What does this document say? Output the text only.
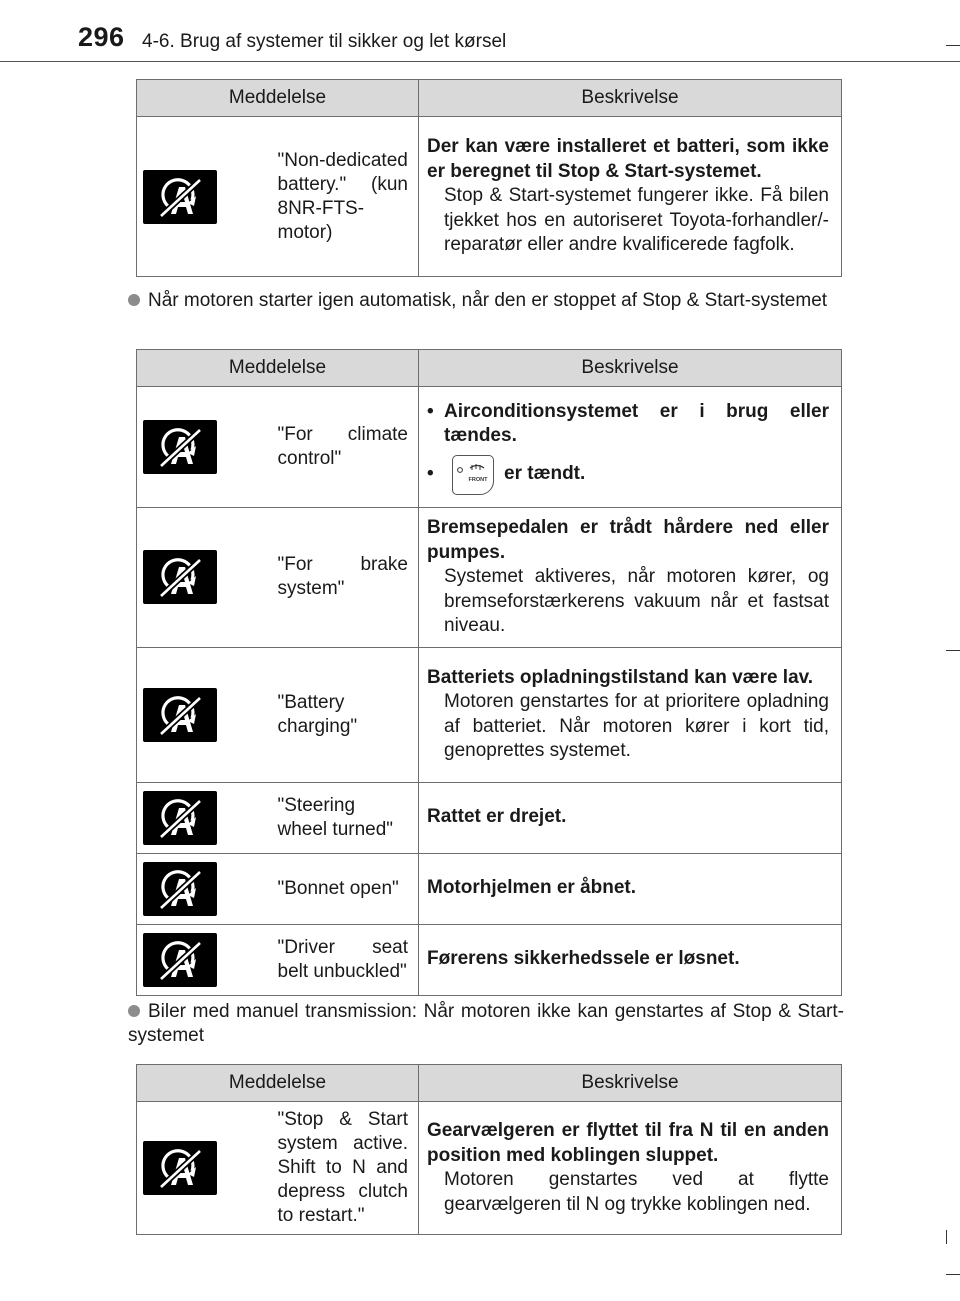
296 4-6. Brug af systemer til sikker og let kørsel
Meddelelse		Beskrivelse

	"Non-dedicated battery." (kun 8NR-FTS-motor)	Der kan være installeret et batteri, som ikke er beregnet til Stop & Start-systemet.
Stop & Start-systemet fungerer ikke. Få bilen tjekket hos en autoriseret Toyota-forhandler/-reparatør eller andre kvalificerede fagfolk.
Når motoren starter igen automatisk, når den er stoppet af Stop & Start-systemet
Meddelelse		Beskrivelse

	"For climate control"	• Airconditionsystemet er i brug eller tændes.
• FRONT er tændt.

	"For brake system"	Bremsepedalen er trådt hårdere ned eller pumpes.
Systemet aktiveres, når motoren kører, og bremseforstærkerens vakuum når et fastsat niveau.

	"Battery charging"	Batteriets opladningstilstand kan være lav.
Motoren genstartes for at prioritere opladning af batteriet. Når motoren kører i kort tid, genoprettes systemet.

	"Steering wheel turned"	Rattet er drejet.

	"Bonnet open"	Motorhjelmen er åbnet.

	"Driver seat belt unbuckled"	Førerens sikkerhedssele er løsnet.
Biler med manuel transmission: Når motoren ikke kan genstartes af Stop & Start-systemet
Meddelelse		Beskrivelse

	"Stop & Start system active. Shift to N and depress clutch to restart."	Gearvælgeren er flyttet til fra N til en anden position med koblingen sluppet.
Motoren genstartes ved at flytte gearvælgeren til N og trykke koblingen ned.
